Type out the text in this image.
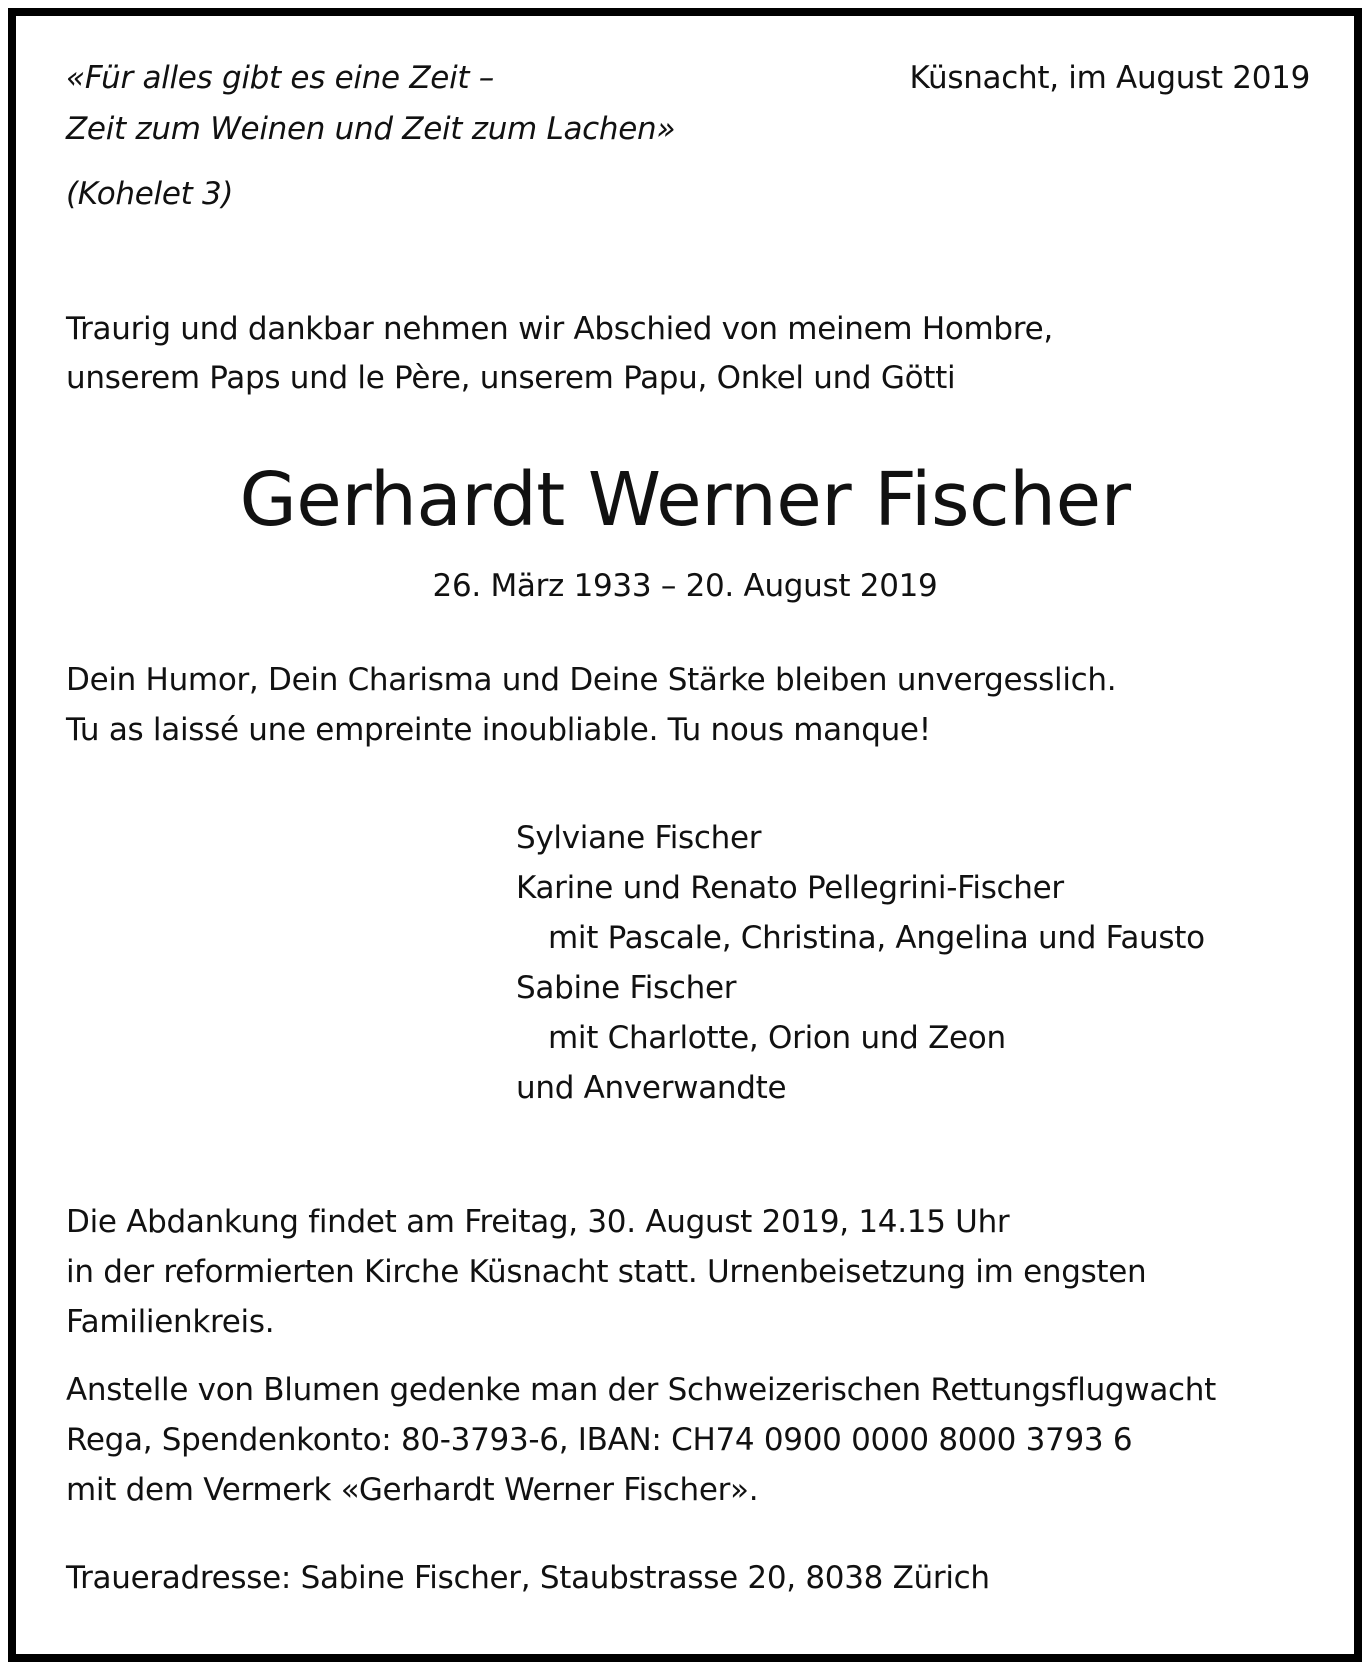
«Für alles gibt es eine Zeit –
Zeit zum Weinen und Zeit zum Lachen»
(Kohelet 3)
Küsnacht, im August 2019
Traurig und dankbar nehmen wir Abschied von meinem Hombre,
unserem Paps und le Père, unserem Papu, Onkel und Götti
Gerhardt Werner Fischer
26. März 1933 – 20. August 2019
Dein Humor, Dein Charisma und Deine Stärke bleiben unvergesslich.
Tu as laissé une empreinte inoubliable. Tu nous manque!
Sylviane Fischer
Karine und Renato Pellegrini-Fischer
mit Pascale, Christina, Angelina und Fausto
Sabine Fischer
mit Charlotte, Orion und Zeon
und Anverwandte
Die Abdankung findet am Freitag, 30. August 2019, 14.15 Uhr
in der reformierten Kirche Küsnacht statt. Urnenbeisetzung im engsten
Familienkreis.
Anstelle von Blumen gedenke man der Schweizerischen Rettungsflugwacht
Rega, Spendenkonto: 80-3793-6, IBAN: CH74 0900 0000 8000 3793 6
mit dem Vermerk «Gerhardt Werner Fischer».
Traueradresse: Sabine Fischer, Staubstrasse 20, 8038 Zürich
